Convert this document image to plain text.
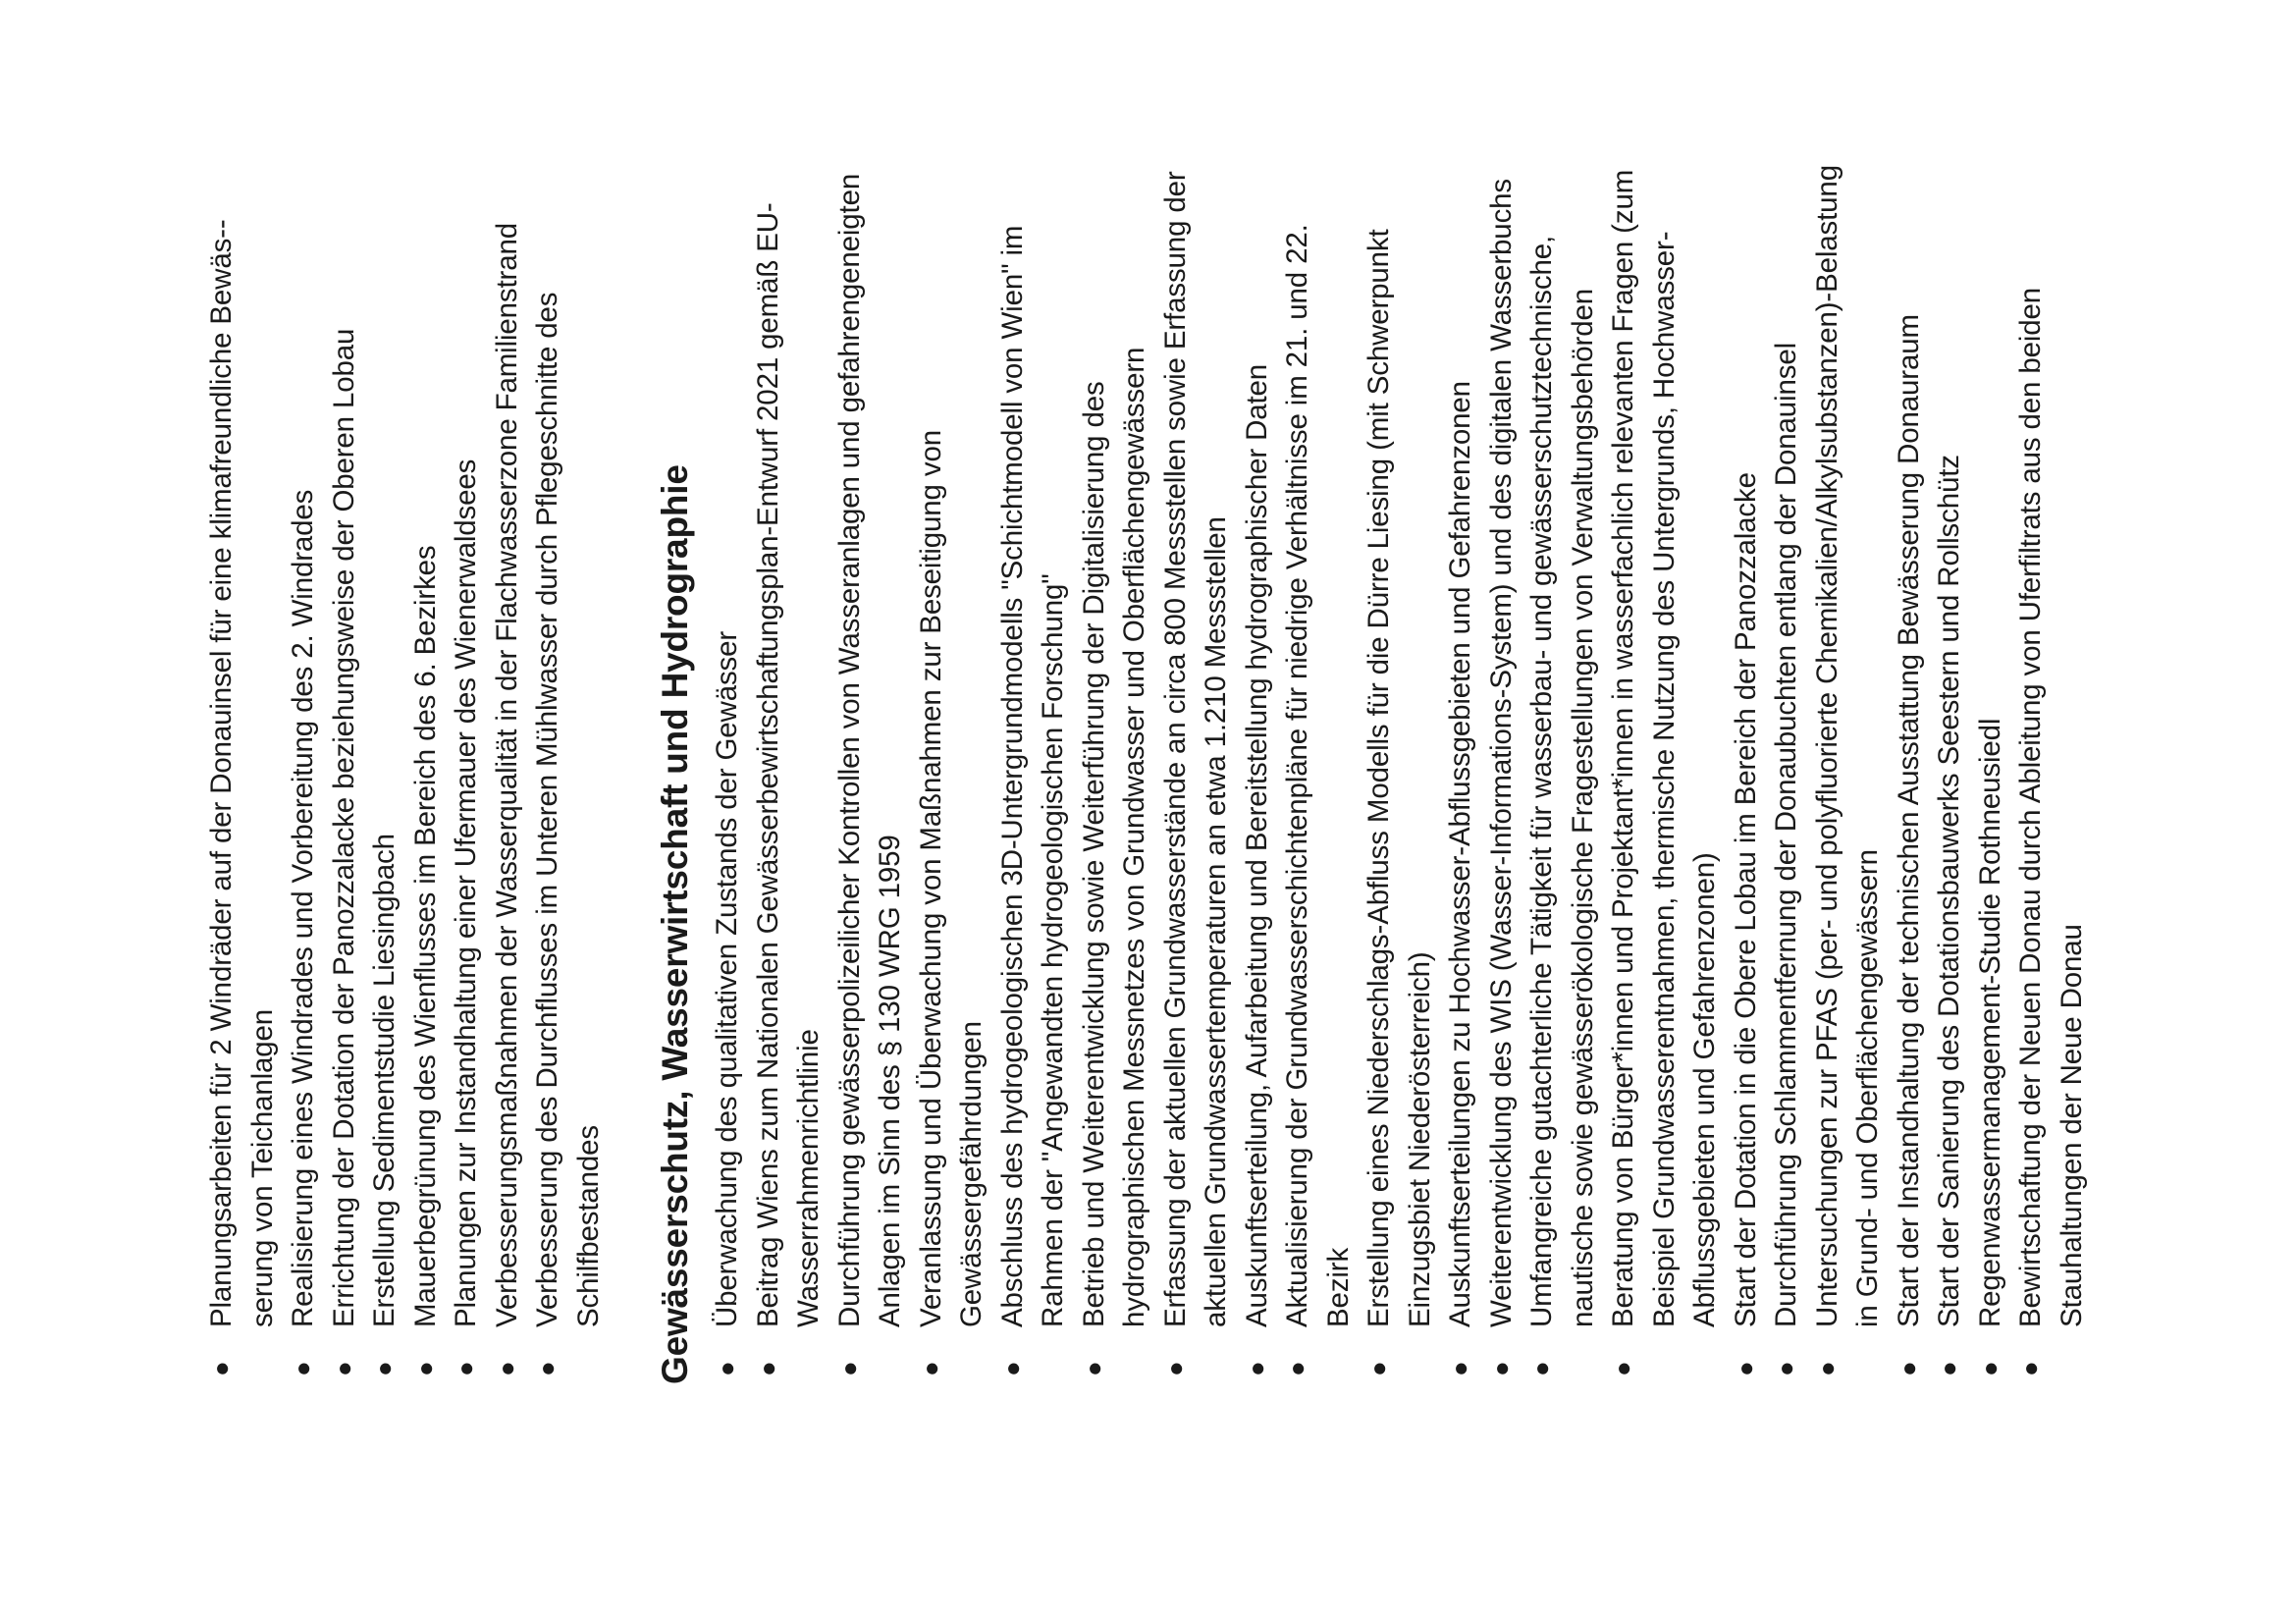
●
Planungsarbeiten für 2 Windräder auf der Donauinsel für eine klimafreundliche Bewäs-serung von Teichanlagen
●
Realisierung eines Windrades und Vorbereitung des 2. Windrades
●
Errichtung der Dotation der Panozzalacke beziehungsweise der Oberen Lobau
●
Erstellung Sedimentstudie Liesingbach
●
Mauerbegrünung des Wienflusses im Bereich des 6. Bezirkes
●
Planungen zur Instandhaltung einer Ufermauer des Wienerwaldsees
●
Verbesserungsmaßnahmen der Wasserqualität in der Flachwasserzone Familienstrand
●
Verbesserung des Durchflusses im Unteren Mühlwasser durch Pflegeschnitte des Schilfbestandes Gewässerschutz, Wasserwirtschaft und Hydrographie ●
Überwachung des qualitativen Zustands der Gewässer
●
Beitrag Wiens zum Nationalen Gewässerbewirtschaftungsplan-Entwurf 2021 gemäß EU-Wasserrahmenrichtlinie
●
Durchführung gewässerpolizeilicher Kontrollen von Wasseranlagen und gefahrengeneigten Anlagen im Sinn des § 130 WRG 1959
●
Veranlassung und Überwachung von Maßnahmen zur Beseitigung von Gewässergefährdungen
●
Abschluss des hydrogeologischen 3D-Untergrundmodells "Schichtmodell von Wien" im Rahmen der "Angewandten hydrogeologischen Forschung"
●
Betrieb und Weiterentwicklung sowie Weiterführung der Digitalisierung des hydrographischen Messnetzes von Grundwasser und Oberflächengewässern
●
Erfassung der aktuellen Grundwasserstände an circa 800 Messstellen sowie Erfassung der aktuellen Grundwassertemperaturen an etwa 1.210 Messstellen
●
Auskunftserteilung, Aufarbeitung und Bereitstellung hydrographischer Daten
●
Aktualisierung der Grundwasserschichtenpläne für niedrige Verhältnisse im 21. und 22. Bezirk
●
Erstellung eines Niederschlags-Abfluss Modells für die Dürre Liesing (mit Schwerpunkt Einzugsbiet Niederösterreich)
●
Auskunftserteilungen zu Hochwasser-Abflussgebieten und Gefahrenzonen
●
Weiterentwicklung des WIS (Wasser-Informations-System) und des digitalen Wasserbuchs
●
Umfangreiche gutachterliche Tätigkeit für wasserbau- und gewässerschutztechnische, nautische sowie gewässerökologische Fragestellungen von Verwaltungsbehörden
●
Beratung von Bürger*innen und Projektant*innen in wasserfachlich relevanten Fragen (zum Beispiel Grundwasserentnahmen, thermische Nutzung des Untergrunds, Hochwasser-Abflussgebieten und Gefahrenzonen)
●
Start der Dotation in die Obere Lobau im Bereich der Panozzalacke
●
Durchführung Schlammentfernung der Donaubuchten entlang der Donauinsel
●
Untersuchungen zur PFAS (per- und polyfluorierte Chemikalien/Alkylsubstanzen)-Belastung in Grund- und Oberflächengewässern
●
Start der Instandhaltung der technischen Ausstattung Bewässerung Donauraum
●
Start der Sanierung des Dotationsbauwerks Seestern und Rollschütz
●
Regenwassermanagement-Studie Rothneusiedl
●
Bewirtschaftung der Neuen Donau durch Ableitung von Uferfiltrats aus den beiden Stauhaltungen der Neue Donau
